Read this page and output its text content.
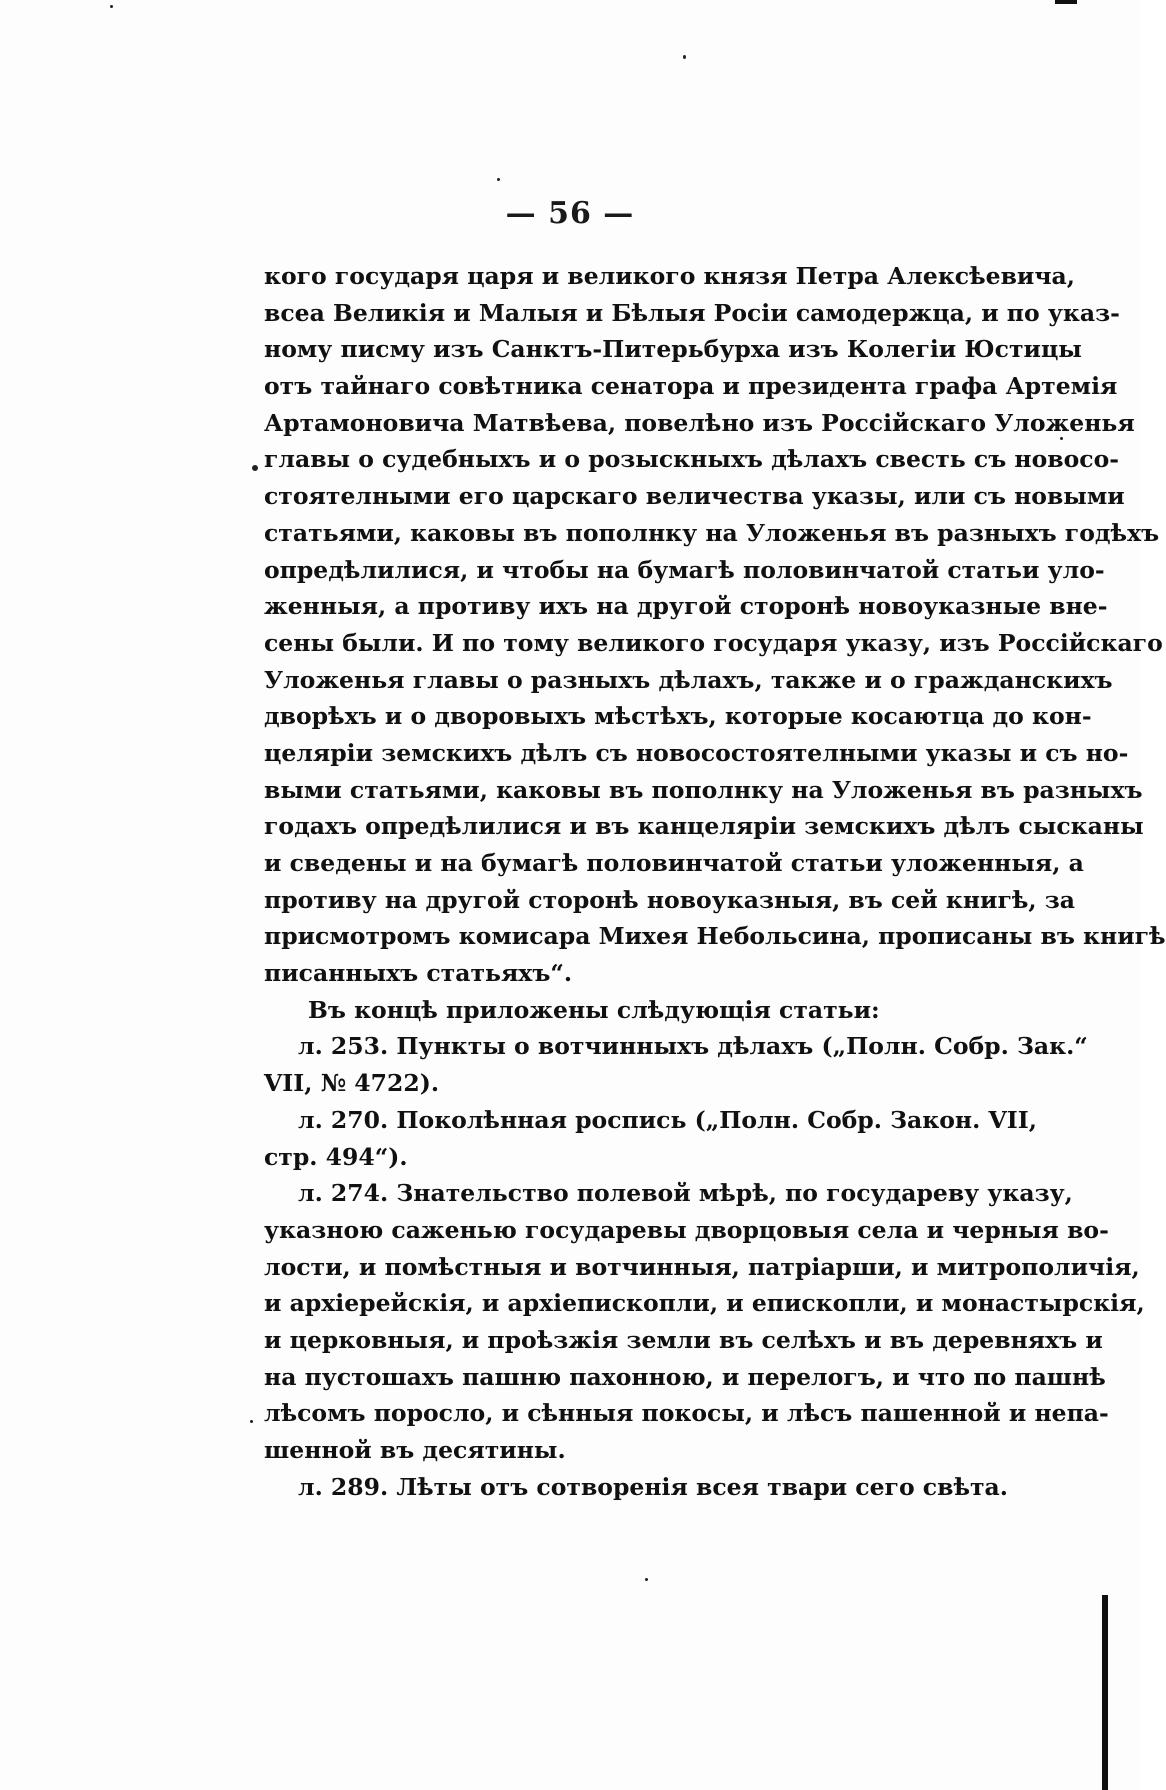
— 56 —
кого государя царя и великого князя Петра Алексѣевича,
всеа Великія и Малыя и Бѣлыя Росіи самодержца, и по указ-
ному писму изъ Санктъ-Питерьбурха изъ Колегіи Юстицы
отъ тайнаго совѣтника сенатора и президента графа Артемія
Артамоновича Матвѣева, повелѣно изъ Россійскаго Уложенья
главы о судебныхъ и о розыскныхъ дѣлахъ свесть съ новосо-
стоятелными его царскаго величества указы, или съ новыми
статьями, каковы въ пополнку на Уложенья въ разныхъ годѣхъ
опредѣлилися, и чтобы на бумагѣ половинчатой статьи уло-
женныя, а противу ихъ на другой сторонѣ новоуказные вне-
сены были. И по тому великого государя указу, изъ Россійскаго
Уложенья главы о разныхъ дѣлахъ, также и о гражданскихъ
дворѣхъ и о дворовыхъ мѣстѣхъ, которые косаютца до кон-
целяріи земскихъ дѣлъ съ новосостоятелными указы и съ но-
выми статьями, каковы въ пополнку на Уложенья въ разныхъ
годахъ опредѣлилися и въ канцеляріи земскихъ дѣлъ сысканы
и сведены и на бумагѣ половинчатой статьи уложенныя, а
противу на другой сторонѣ новоуказныя, въ сей книгѣ, за
присмотромъ комисара Михея Небольсина, прописаны въ книгѣ
писанныхъ статьяхъ“.
Въ концѣ приложены слѣдующія статьи:
л. 253. Пункты о вотчинныхъ дѣлахъ („Полн. Собр. Зак.“
VII, № 4722).
л. 270. Поколѣнная роспись („Полн. Собр. Закон. VII,
стр. 494“).
л. 274. Знательство полевой мѣрѣ, по государеву указу,
указною саженью государевы дворцовыя села и черныя во-
лости, и помѣстныя и вотчинныя, патріарши, и митрополичія,
и архіерейскія, и архіепископли, и епископли, и монастырскія,
и церковныя, и проѣзжія земли въ селѣхъ и въ деревняхъ и
на пустошахъ пашню пахонною, и перелогъ, и что по пашнѣ
лѣсомъ поросло, и сѣнныя покосы, и лѣсъ пашенной и непа-
шенной въ десятины.
л. 289. Лѣты отъ сотворенія всея твари сего свѣта.
